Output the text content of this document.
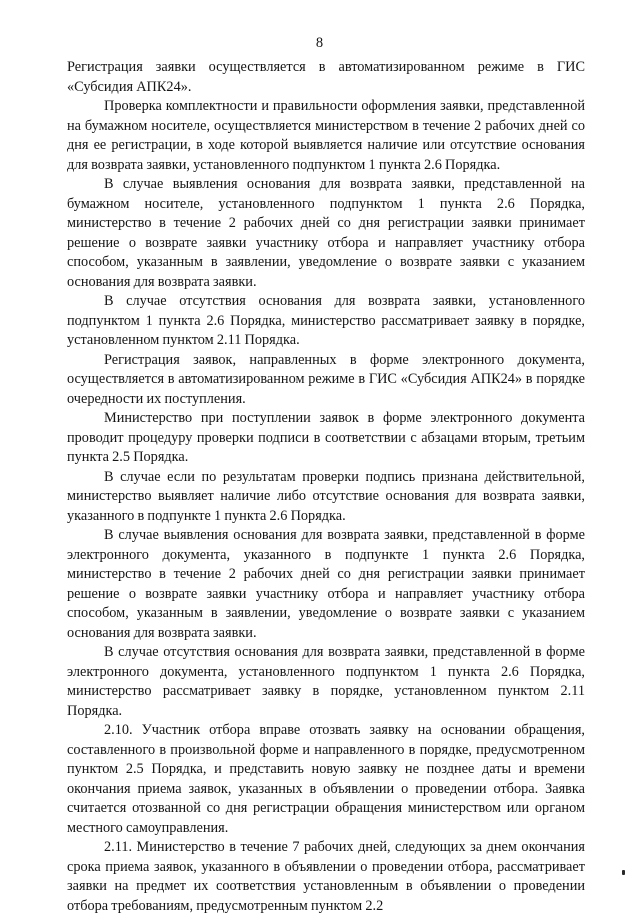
8

Регистрация заявки осуществляется в автоматизированном режиме в ГИС «Субсидия АПК24».

Проверка комплектности и правильности оформления заявки, представленной на бумажном носителе, осуществляется министерством в течение 2 рабочих дней со дня ее регистрации, в ходе которой выявляется наличие или отсутствие основания для возврата заявки, установленного подпунктом 1 пункта 2.6 Порядка.

В случае выявления основания для возврата заявки, представленной на бумажном носителе, установленного подпунктом 1 пункта 2.6 Порядка, министерство в течение 2 рабочих дней со дня регистрации заявки принимает решение о возврате заявки участнику отбора и направляет участнику отбора способом, указанным в заявлении, уведомление о возврате заявки с указанием основания для возврата заявки.

В случае отсутствия основания для возврата заявки, установленного подпунктом 1 пункта 2.6 Порядка, министерство рассматривает заявку в порядке, установленном пунктом 2.11 Порядка.

Регистрация заявок, направленных в форме электронного документа, осуществляется в автоматизированном режиме в ГИС «Субсидия АПК24» в порядке очередности их поступления.

Министерство при поступлении заявок в форме электронного документа проводит процедуру проверки подписи в соответствии с абзацами вторым, третьим пункта 2.5 Порядка.

В случае если по результатам проверки подпись признана действительной, министерство выявляет наличие либо отсутствие основания для возврата заявки, указанного в подпункте 1 пункта 2.6 Порядка.

В случае выявления основания для возврата заявки, представленной в форме электронного документа, указанного в подпункте 1 пункта 2.6 Порядка, министерство в течение 2 рабочих дней со дня регистрации заявки принимает решение о возврате заявки участнику отбора и направляет участнику отбора способом, указанным в заявлении, уведомление о возврате заявки с указанием основания для возврата заявки.

В случае отсутствия основания для возврата заявки, представленной в форме электронного документа, установленного подпунктом 1 пункта 2.6 Порядка, министерство рассматривает заявку в порядке, установленном пунктом 2.11 Порядка.

2.10. Участник отбора вправе отозвать заявку на основании обращения, составленного в произвольной форме и направленного в порядке, предусмотренном пунктом 2.5 Порядка, и представить новую заявку не позднее даты и времени окончания приема заявок, указанных в объявлении о проведении отбора. Заявка считается отозванной со дня регистрации обращения министерством или органом местного самоуправления.

2.11. Министерство в течение 7 рабочих дней, следующих за днем окончания срока приема заявок, указанного в объявлении о проведении отбора, рассматривает заявки на предмет их соответствия установленным в объявлении о проведении отбора требованиям, предусмотренным пунктом 2.2
